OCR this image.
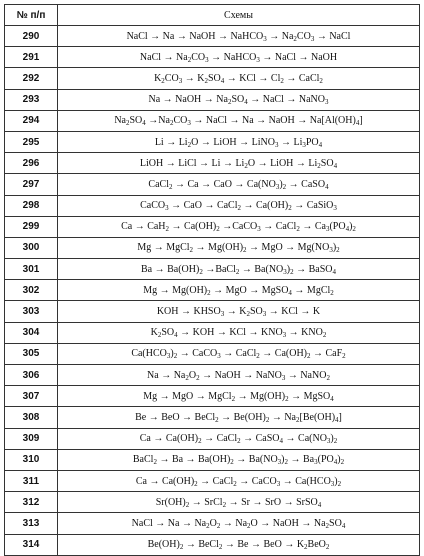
№ п/п	Схемы
290	NaCl → Na → NaOH → NaHCO$_3$ → $Na_2CO_3$ → NaCl
291	NaCl → $Na_2CO_3$ → NaHCO$_3$ → NaCl → NaOH
292	$K_2CO_3 \to K_2SO_4$ → KCl → $Cl_2$ → CaCl$_2$
293	Na → NaOH → $Na_2SO_4$ → NaCl → NaNO$_3$
294	$Na_2SO_4 \to Na_2CO_3$ → NaCl → Na → NaOH → $Na[Al(OH)_4]$
295	$Li \to Li_2O$ → LiOH → LiNO$_3$ → $Li_3PO_4$
296	LiOH → LiCl → $Li \to Li_2O$ → LiOH → $Li_2SO_4$
297	CaCl$_2$ → Ca → CaO → $Ca(NO_3)_2$ → CaSO$_4$
298	CaCO$_3$ → CaO → CaCl$_2$ → $Ca(OH)_2$ → CaSiO$_3$
299	$Ca \to CaH_2 \to Ca(OH)_2$ →CaCO$_3$ → CaCl$_2$ → $Ca_3(PO_4)_2$
300	Mg → MgCl$_2$ → $Mg(OH)_2$ → MgO → $Mg(NO_3)_2$
301	$Ba \to Ba(OH)_2$ →BaCl$_2$ → $Ba(NO_3)_2$ → BaSO$_4$
302	$Mg \to Mg(OH)_2$ → MgO → MgSO$_4$ → MgCl$_2$
303	KOH → $KHSO_3 \to K_2SO_3$ → KCl → K
304	$K_2SO_4$ → KOH → KCl → $KNO_3 \to KNO_2$
305	$Ca(HCO_3)_2$ → CaCO$_3$ → CaCl$_2$ → $Ca(OH)_2 \to CaF_2$
306	$Na \to Na_2O_2$ → NaOH → NaNO$_3$ → NaNO$_2$
307	Mg → MgO → MgCl$_2$ → $Mg(OH)_2$ → MgSO$_4$
308	Be → BeO → BeCl$_2$ → $Be(OH)_2 \to Na_2[Be(OH)_4]$
309	$Ca \to Ca(OH)_2$ → CaCl$_2$ → CaSO$_4$ → $Ca(NO_3)_2$
310	BaCl$_2$ → $Ba \to Ba(OH)_2 \to Ba(NO_3)_2 \to Ba_3(PO_4)_2$
311	$Ca \to Ca(OH)_2$ → CaCl$_2$ → CaCO$_3$ → $Ca(HCO_3)_2$
312	$Sr(OH)_2$ → SrCl$_2$ → Sr → SrO → SrSO$_4$
313	NaCl → $Na \to Na_2O_2 \to Na_2O$ → NaOH → $Na_2SO_4$
314	$Be(OH)_2$ → BeCl$_2$ → Be → BeO → $K_2BeO_2$
